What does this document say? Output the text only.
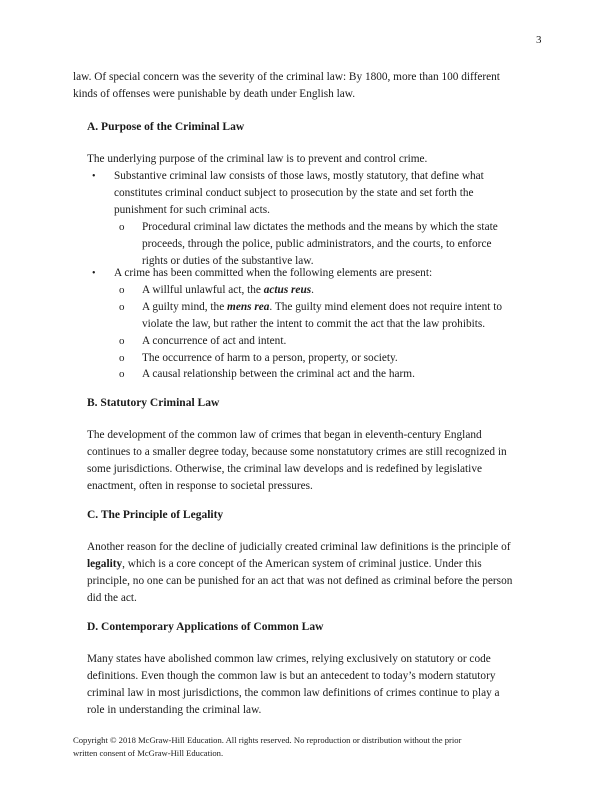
3
law. Of special concern was the severity of the criminal law: By 1800, more than 100 different
kinds of offenses were punishable by death under English law.
A. Purpose of the Criminal Law
The underlying purpose of the criminal law is to prevent and control crime.
• Substantive criminal law consists of those laws, mostly statutory, that define what
constitutes criminal conduct subject to prosecution by the state and set forth the
punishment for such criminal acts.
o Procedural criminal law dictates the methods and the means by which the state
proceeds, through the police, public administrators, and the courts, to enforce
rights or duties of the substantive law.
• A crime has been committed when the following elements are present:
o A willful unlawful act, the actus reus.
o A guilty mind, the mens rea. The guilty mind element does not require intent to
violate the law, but rather the intent to commit the act that the law prohibits.
o A concurrence of act and intent.
o The occurrence of harm to a person, property, or society.
o A causal relationship between the criminal act and the harm.
B. Statutory Criminal Law
The development of the common law of crimes that began in eleventh-century England
continues to a smaller degree today, because some nonstatutory crimes are still recognized in
some jurisdictions. Otherwise, the criminal law develops and is redefined by legislative
enactment, often in response to societal pressures.
C. The Principle of Legality
Another reason for the decline of judicially created criminal law definitions is the principle of
legality, which is a core concept of the American system of criminal justice. Under this
principle, no one can be punished for an act that was not defined as criminal before the person
did the act.
D. Contemporary Applications of Common Law
Many states have abolished common law crimes, relying exclusively on statutory or code
definitions. Even though the common law is but an antecedent to today’s modern statutory
criminal law in most jurisdictions, the common law definitions of crimes continue to play a
role in understanding the criminal law.
Copyright © 2018 McGraw-Hill Education. All rights reserved. No reproduction or distribution without the prior
written consent of McGraw-Hill Education.
